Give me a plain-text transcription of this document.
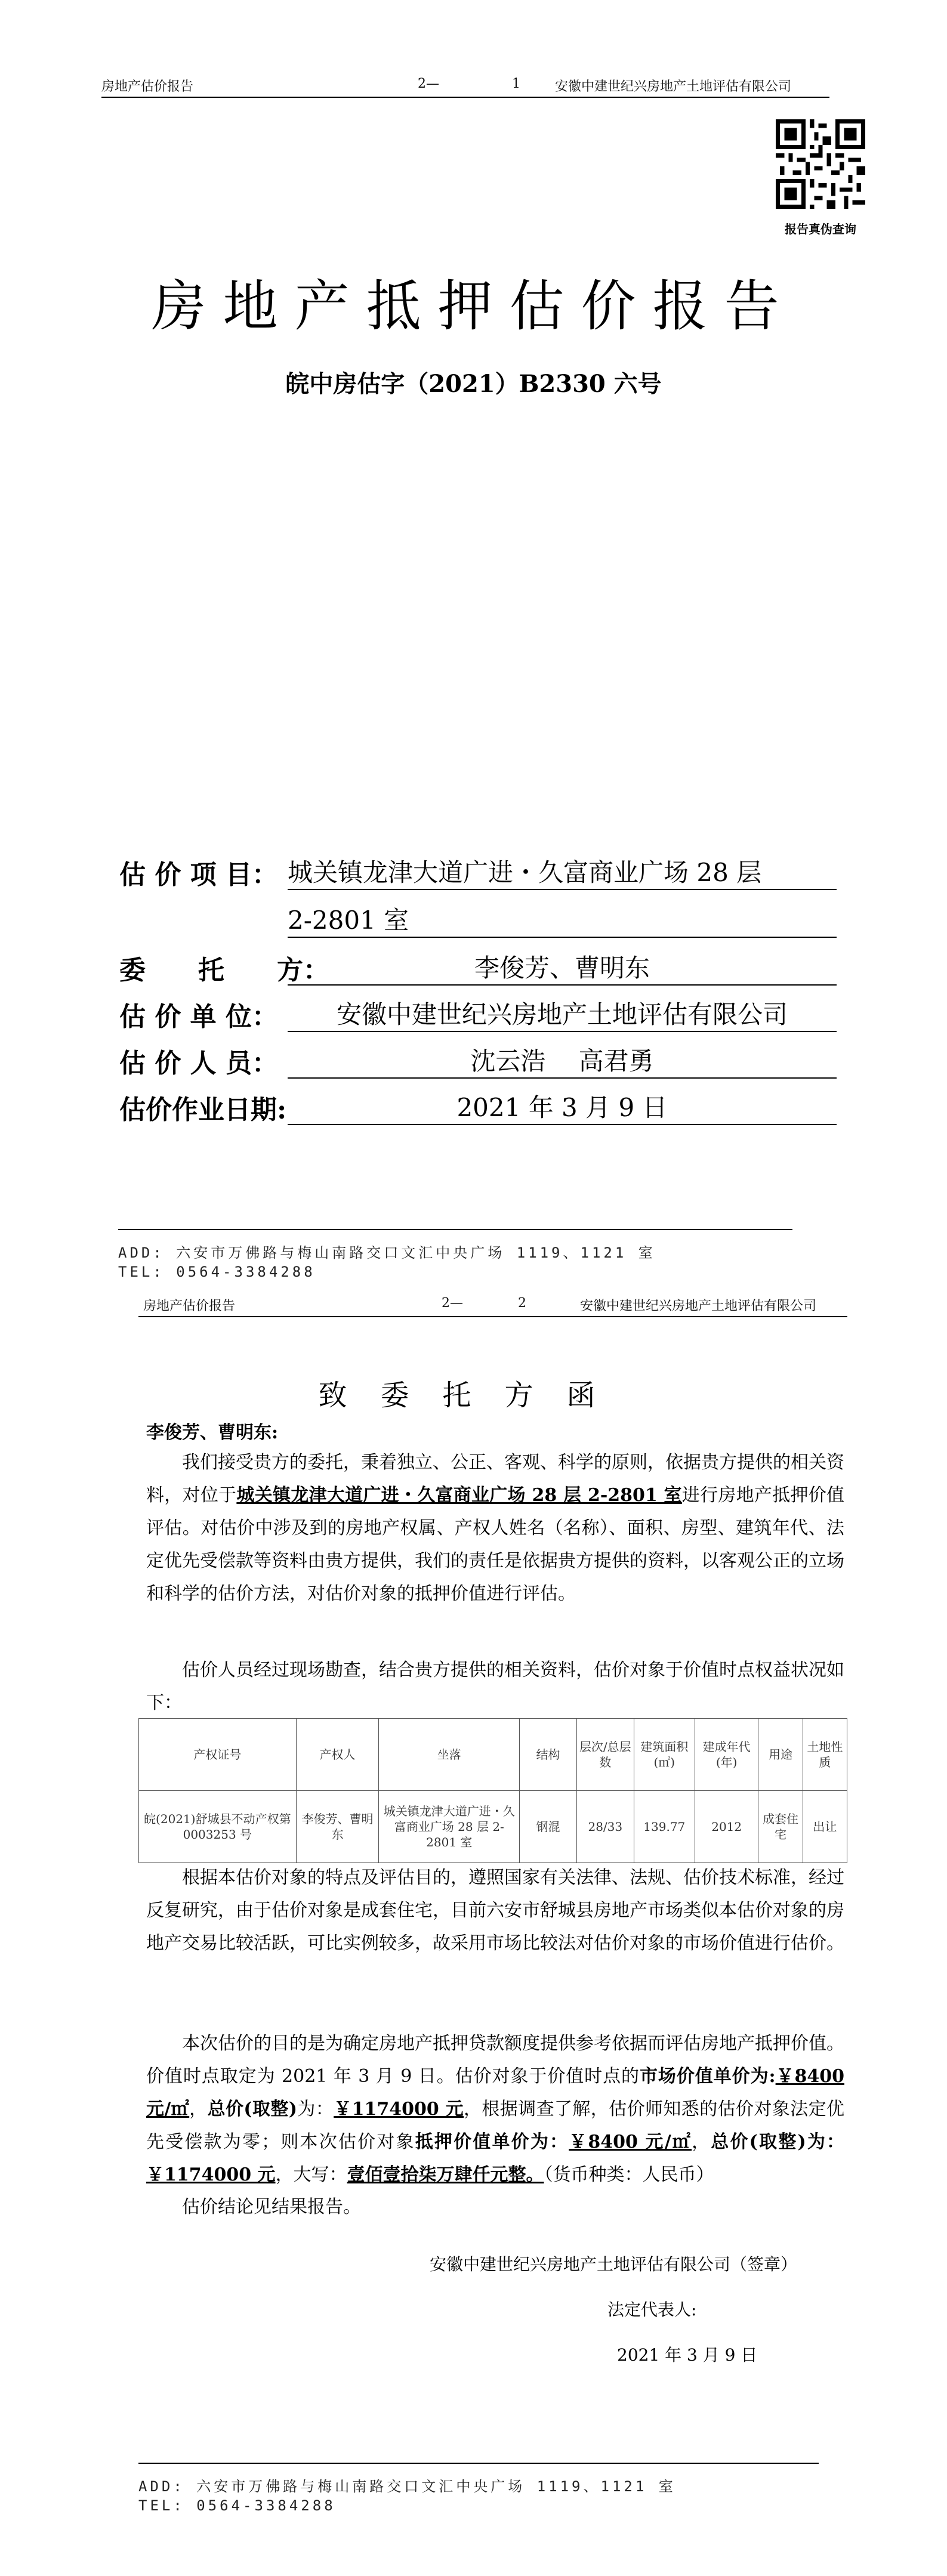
房地产估价报告	2—	1	安徽中建世纪兴房地产土地评估有限公司
报告真伪查询
房地产抵押估价报告
皖中房估字（2021）B2330 六号
估 价 项 目： 城关镇龙津大道广进・久富商业广场 28 层
2-2801 室
委　　托　　方：	李俊芳、曹明东
估 价 单 位：	安徽中建世纪兴房地产土地评估有限公司
估 价 人 员：	沈云浩　 高君勇
估价作业日期:	2021 年 3 月 9 日
ADD: 六安市万佛路与梅山南路交口文汇中央广场 1119、1121 室
TEL: 0564-3384288
房地产估价报告	2—	2	安徽中建世纪兴房地产土地评估有限公司
致委托方函
李俊芳、曹明东:
我们接受贵方的委托，秉着独立、公正、客观、科学的原则，依据贵方提供的相关资料，对位于城关镇龙津大道广进・久富商业广场 28 层 2-2801 室进行房地产抵押价值评估。对估价中涉及到的房地产权属、产权人姓名（名称）、面积、房型、建筑年代、法定优先受偿款等资料由贵方提供，我们的责任是依据贵方提供的资料，以客观公正的立场和科学的估价方法，对估价对象的抵押价值进行评估。
估价人员经过现场勘查，结合贵方提供的相关资料，估价对象于价值时点权益状况如下：
产权证号	产权人	坐落	结构	层次/总层数	建筑面积(㎡)	建成年代(年)	用途	土地性质
皖(2021)舒城县不动产权第 0003253 号	李俊芳、曹明东	城关镇龙津大道广进・久富商业广场 28 层 2-2801 室	钢混	28/33	139.77	2012	成套住宅	出让
根据本估价对象的特点及评估目的，遵照国家有关法律、法规、估价技术标准，经过反复研究，由于估价对象是成套住宅，目前六安市舒城县房地产市场类似本估价对象的房地产交易比较活跃，可比实例较多，故采用市场比较法对估价对象的市场价值进行估价。
本次估价的目的是为确定房地产抵押贷款额度提供参考依据而评估房地产抵押价值。价值时点取定为 2021 年 3 月 9 日。估价对象于价值时点的市场价值单价为:￥8400 元/㎡，总价(取整)为：￥1174000 元，根据调查了解，估价师知悉的估价对象法定优先受偿款为零；则本次估价对象抵押价值单价为：￥8400 元/㎡，总价(取整)为：￥1174000 元，大写：壹佰壹拾柒万肆仟元整。（货币种类：人民币）
估价结论见结果报告。
安徽中建世纪兴房地产土地评估有限公司（签章）
法定代表人:
2021 年 3 月 9 日
ADD: 六安市万佛路与梅山南路交口文汇中央广场 1119、1121 室
TEL: 0564-3384288
